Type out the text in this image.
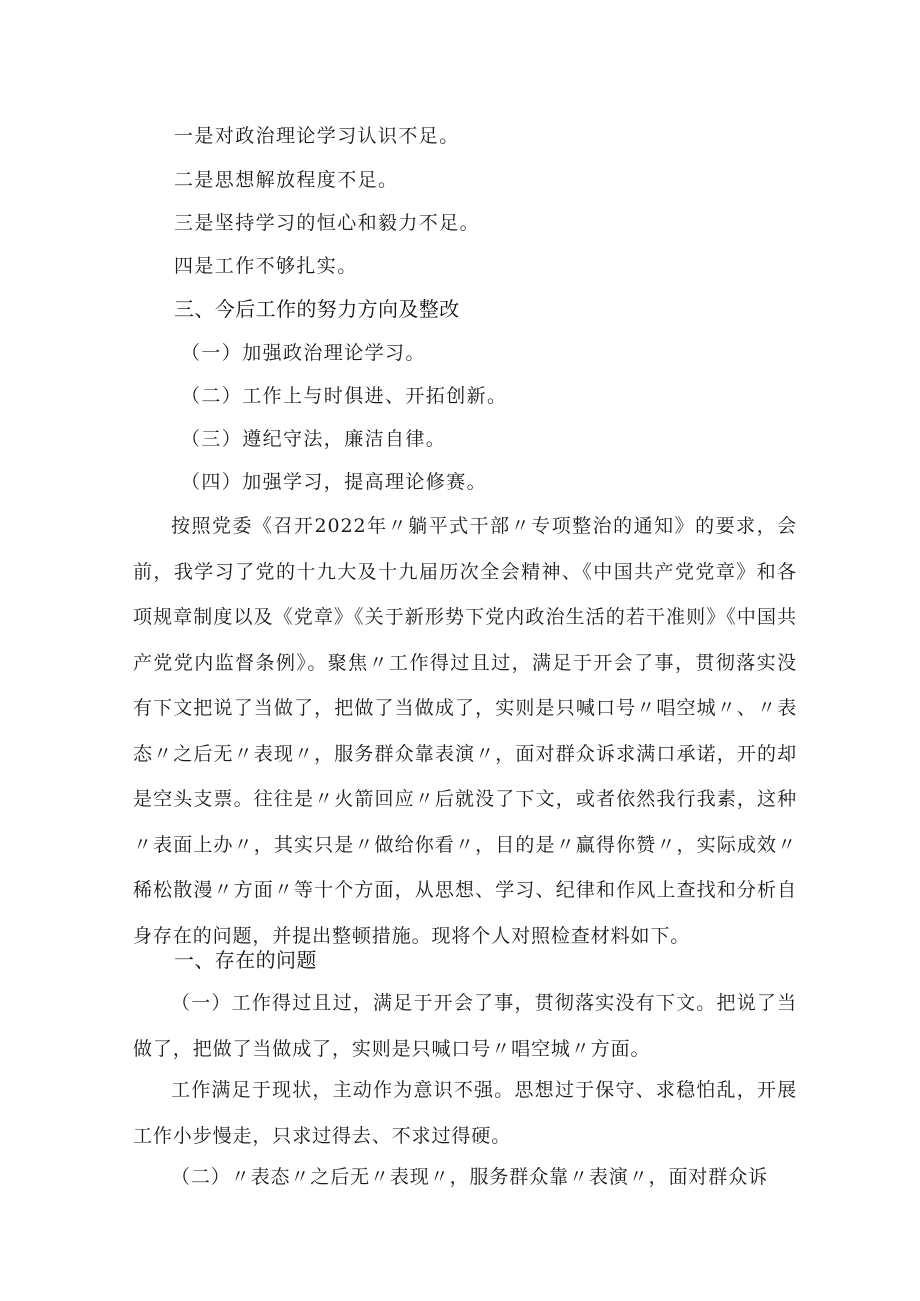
一是对政治理论学习认识不足。
二是思想解放程度不足。
三是坚持学习的恒心和毅力不足。
四是工作不够扎实。
三、今后工作的努力方向及整改
（一）加强政治理论学习。
（二）工作上与时俱进、开拓创新。
（三）遵纪守法，廉洁自律。
（四）加强学习，提高理论修赛。
按照党委《召开2022年〃躺平式干部〃专项整治的通知》的要求，会前，我学习了党的十九大及十九届历次全会精神、《中国共产党党章》和各项规章制度以及《党章》《关于新形势下党内政治生活的若干准则》《中国共产党党内监督条例》。聚焦〃工作得过且过，满足于开会了事，贯彻落实没有下文把说了当做了，把做了当做成了，实则是只喊口号〃唱空城〃、〃表态〃之后无〃表现〃，服务群众靠表演〃，面对群众诉求满口承诺，开的却是空头支票。往往是〃火箭回应〃后就没了下文，或者依然我行我素，这种〃表面上办〃，其实只是〃做给你看〃，目的是〃赢得你赞〃，实际成效〃稀松散漫〃方面〃等十个方面，从思想、学习、纪律和作风上查找和分析自身存在的问题，并提出整顿措施。现将个人对照检查材料如下。
一、存在的问题
（一）工作得过且过，满足于开会了事，贯彻落实没有下文。把说了当做了，把做了当做成了，实则是只喊口号〃唱空城〃方面。
工作满足于现状，主动作为意识不强。思想过于保守、求稳怕乱，开展工作小步慢走，只求过得去、不求过得硬。
（二）〃表态〃之后无〃表现〃，服务群众靠〃表演〃，面对群众诉
